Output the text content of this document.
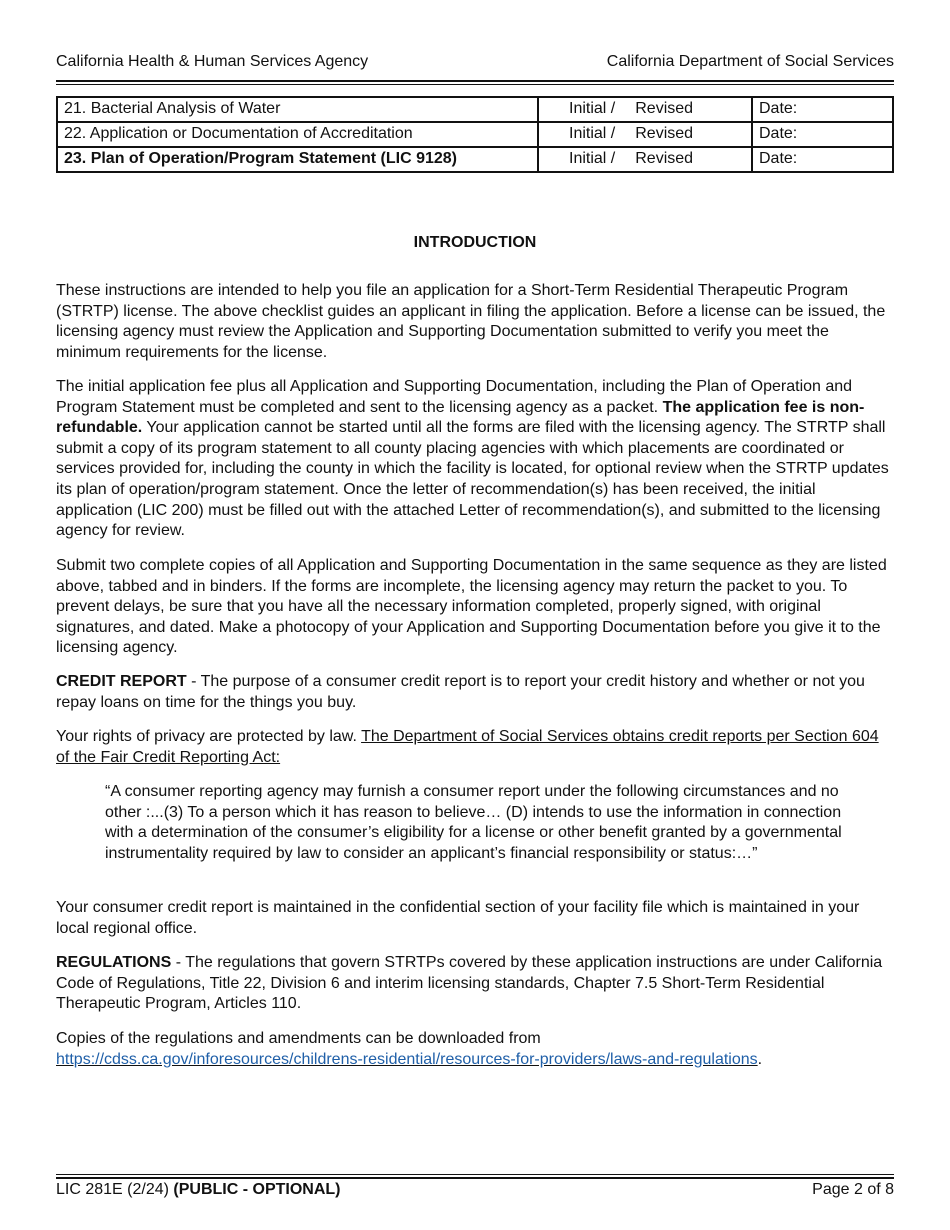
California Health & Human Services Agency	California Department of Social Services
21. Bacterial Analysis of Water	Initial / Revised	Date:
22. Application or Documentation of Accreditation	Initial / Revised	Date:
23. Plan of Operation/Program Statement (LIC 9128)	Initial / Revised	Date:
INTRODUCTION
These instructions are intended to help you file an application for a Short-Term Residential Therapeutic Program (STRTP) license. The above checklist guides an applicant in filing the application. Before a license can be issued, the licensing agency must review the Application and Supporting Documentation submitted to verify you meet the minimum requirements for the license.
The initial application fee plus all Application and Supporting Documentation, including the Plan of Operation and Program Statement must be completed and sent to the licensing agency as a packet. The application fee is non-refundable. Your application cannot be started until all the forms are filed with the licensing agency. The STRTP shall submit a copy of its program statement to all county placing agencies with which placements are coordinated or services provided for, including the county in which the facility is located, for optional review when the STRTP updates its plan of operation/program statement. Once the letter of recommendation(s) has been received, the initial application (LIC 200) must be filled out with the attached Letter of recommendation(s), and submitted to the licensing agency for review.
Submit two complete copies of all Application and Supporting Documentation in the same sequence as they are listed above, tabbed and in binders. If the forms are incomplete, the licensing agency may return the packet to you. To prevent delays, be sure that you have all the necessary information completed, properly signed, with original signatures, and dated. Make a photocopy of your Application and Supporting Documentation before you give it to the licensing agency.
CREDIT REPORT - The purpose of a consumer credit report is to report your credit history and whether or not you repay loans on time for the things you buy.
Your rights of privacy are protected by law. The Department of Social Services obtains credit reports per Section 604 of the Fair Credit Reporting Act:
“A consumer reporting agency may furnish a consumer report under the following circumstances and no other :...(3) To a person which it has reason to believe… (D) intends to use the information in connection with a determination of the consumer’s eligibility for a license or other benefit granted by a governmental instrumentality required by law to consider an applicant’s financial responsibility or status:…”
Your consumer credit report is maintained in the confidential section of your facility file which is maintained in your local regional office.
REGULATIONS - The regulations that govern STRTPs covered by these application instructions are under California Code of Regulations, Title 22, Division 6 and interim licensing standards, Chapter 7.5 Short-Term Residential Therapeutic Program, Articles 110.
Copies of the regulations and amendments can be downloaded from
https://cdss.ca.gov/inforesources/childrens-residential/resources-for-providers/laws-and-regulations.
LIC 281E (2/24) (PUBLIC - OPTIONAL)	Page 2 of 8
